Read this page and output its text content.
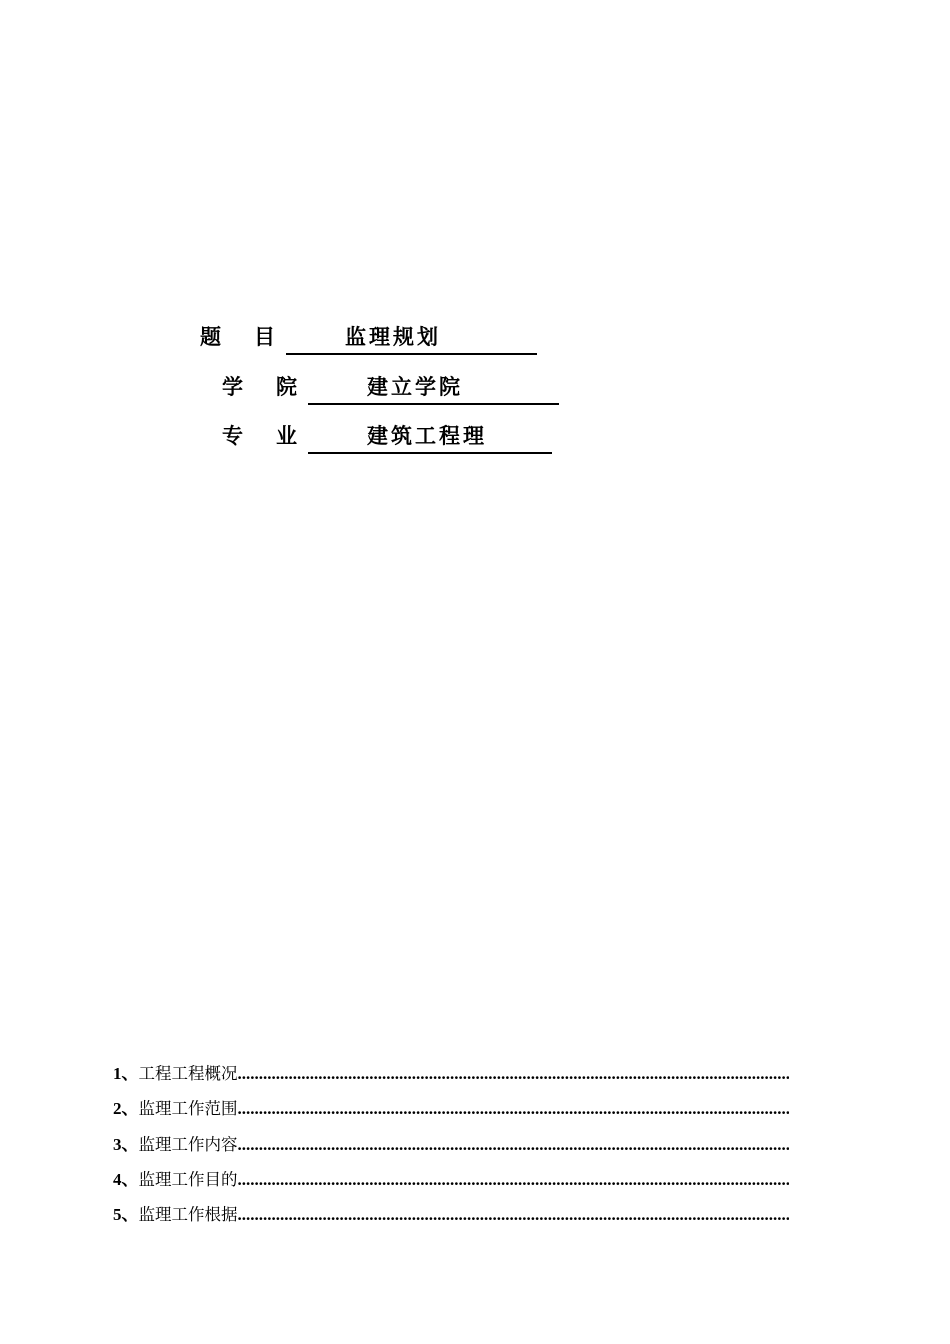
题 目	监理规划
学 院	建立学院
专 业	建筑工程理
1、 工程工程概况
.....
2、 监理工作范围
.....
3、 监理工作内容
.....
4、 监理工作目的
.....
5、 监理工作根据
.....
